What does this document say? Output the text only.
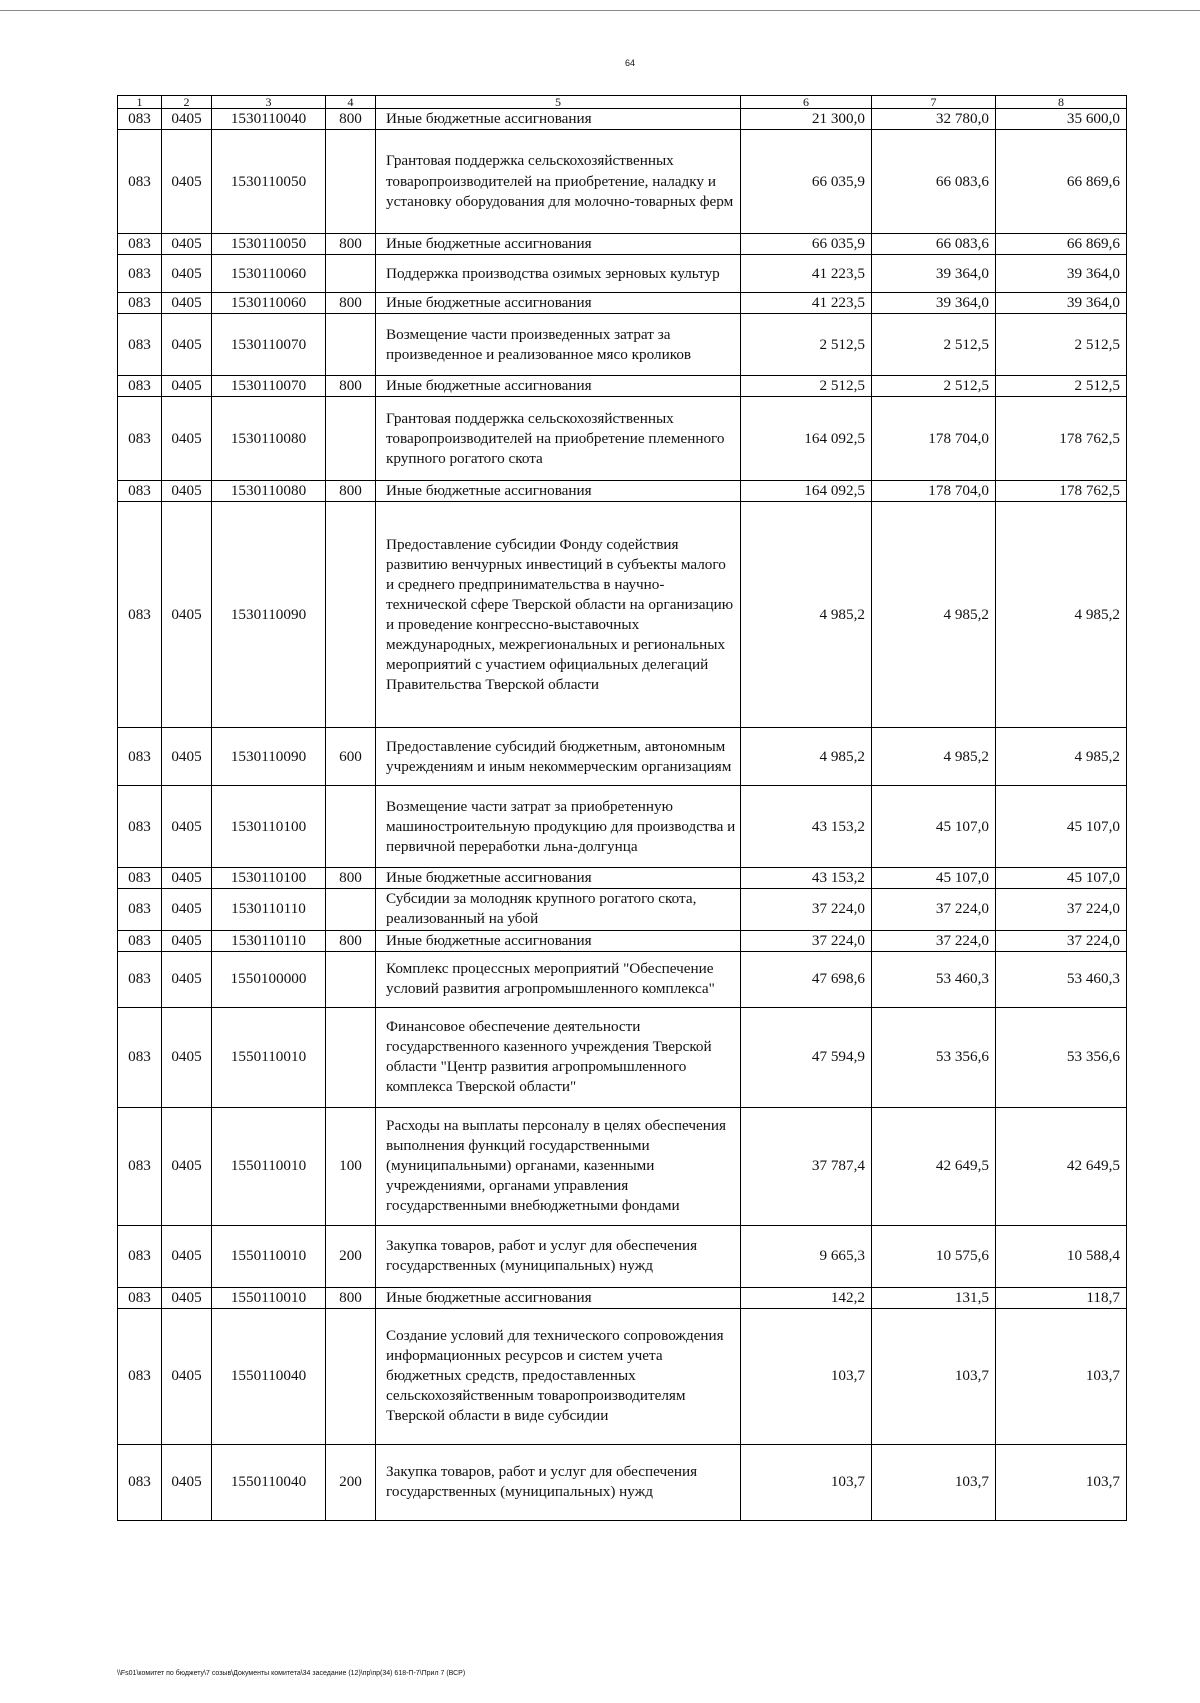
64
1	2	3	4	5	6	7	8
083	0405	1530110040	800	Иные бюджетные ассигнования	21 300,0	32 780,0	35 600,0
083	0405	1530110050		Грантовая поддержка сельскохозяйственных товаропроизводителей на приобретение, наладку и установку оборудования для молочно-товарных ферм	66 035,9	66 083,6	66 869,6
083	0405	1530110050	800	Иные бюджетные ассигнования	66 035,9	66 083,6	66 869,6
083	0405	1530110060		Поддержка производства озимых зерновых культур	41 223,5	39 364,0	39 364,0
083	0405	1530110060	800	Иные бюджетные ассигнования	41 223,5	39 364,0	39 364,0
083	0405	1530110070		Возмещение части произведенных затрат за произведенное и реализованное мясо кроликов	2 512,5	2 512,5	2 512,5
083	0405	1530110070	800	Иные бюджетные ассигнования	2 512,5	2 512,5	2 512,5
083	0405	1530110080		Грантовая поддержка сельскохозяйственных товаропроизводителей на приобретение племенного крупного рогатого скота	164 092,5	178 704,0	178 762,5
083	0405	1530110080	800	Иные бюджетные ассигнования	164 092,5	178 704,0	178 762,5
083	0405	1530110090		Предоставление субсидии Фонду содействия развитию венчурных инвестиций в субъекты малого и среднего предпринимательства в научно-технической сфере Тверской области на организацию и проведение конгрессно-выставочных международных, межрегиональных и региональных мероприятий с участием официальных делегаций Правительства Тверской области	4 985,2	4 985,2	4 985,2
083	0405	1530110090	600	Предоставление субсидий бюджетным, автономным учреждениям и иным некоммерческим организациям	4 985,2	4 985,2	4 985,2
083	0405	1530110100		Возмещение части затрат за приобретенную машиностроительную продукцию для производства и первичной переработки льна-долгунца	43 153,2	45 107,0	45 107,0
083	0405	1530110100	800	Иные бюджетные ассигнования	43 153,2	45 107,0	45 107,0
083	0405	1530110110		Субсидии за молодняк крупного рогатого скота, реализованный на убой	37 224,0	37 224,0	37 224,0
083	0405	1530110110	800	Иные бюджетные ассигнования	37 224,0	37 224,0	37 224,0
083	0405	1550100000		Комплекс процессных мероприятий "Обеспечение условий развития агропромышленного комплекса"	47 698,6	53 460,3	53 460,3
083	0405	1550110010		Финансовое обеспечение деятельности государственного казенного учреждения Тверской области "Центр развития агропромышленного комплекса Тверской области"	47 594,9	53 356,6	53 356,6
083	0405	1550110010	100	Расходы на выплаты персоналу в целях обеспечения выполнения функций государственными (муниципальными) органами, казенными учреждениями, органами управления государственными внебюджетными фондами	37 787,4	42 649,5	42 649,5
083	0405	1550110010	200	Закупка товаров, работ и услуг для обеспечения государственных (муниципальных) нужд	9 665,3	10 575,6	10 588,4
083	0405	1550110010	800	Иные бюджетные ассигнования	142,2	131,5	118,7
083	0405	1550110040		Создание условий для технического сопровождения информационных ресурсов и систем учета бюджетных средств, предоставленных сельскохозяйственным товаропроизводителям Тверской области в виде субсидии	103,7	103,7	103,7
083	0405	1550110040	200	Закупка товаров, работ и услуг для обеспечения государственных (муниципальных) нужд	103,7	103,7	103,7
\\Fs01\комитет по бюджету\7 созыв\Документы комитета\34 заседание (12)\пр\пр(34) 618-П-7\Прил 7 (ВСР)
